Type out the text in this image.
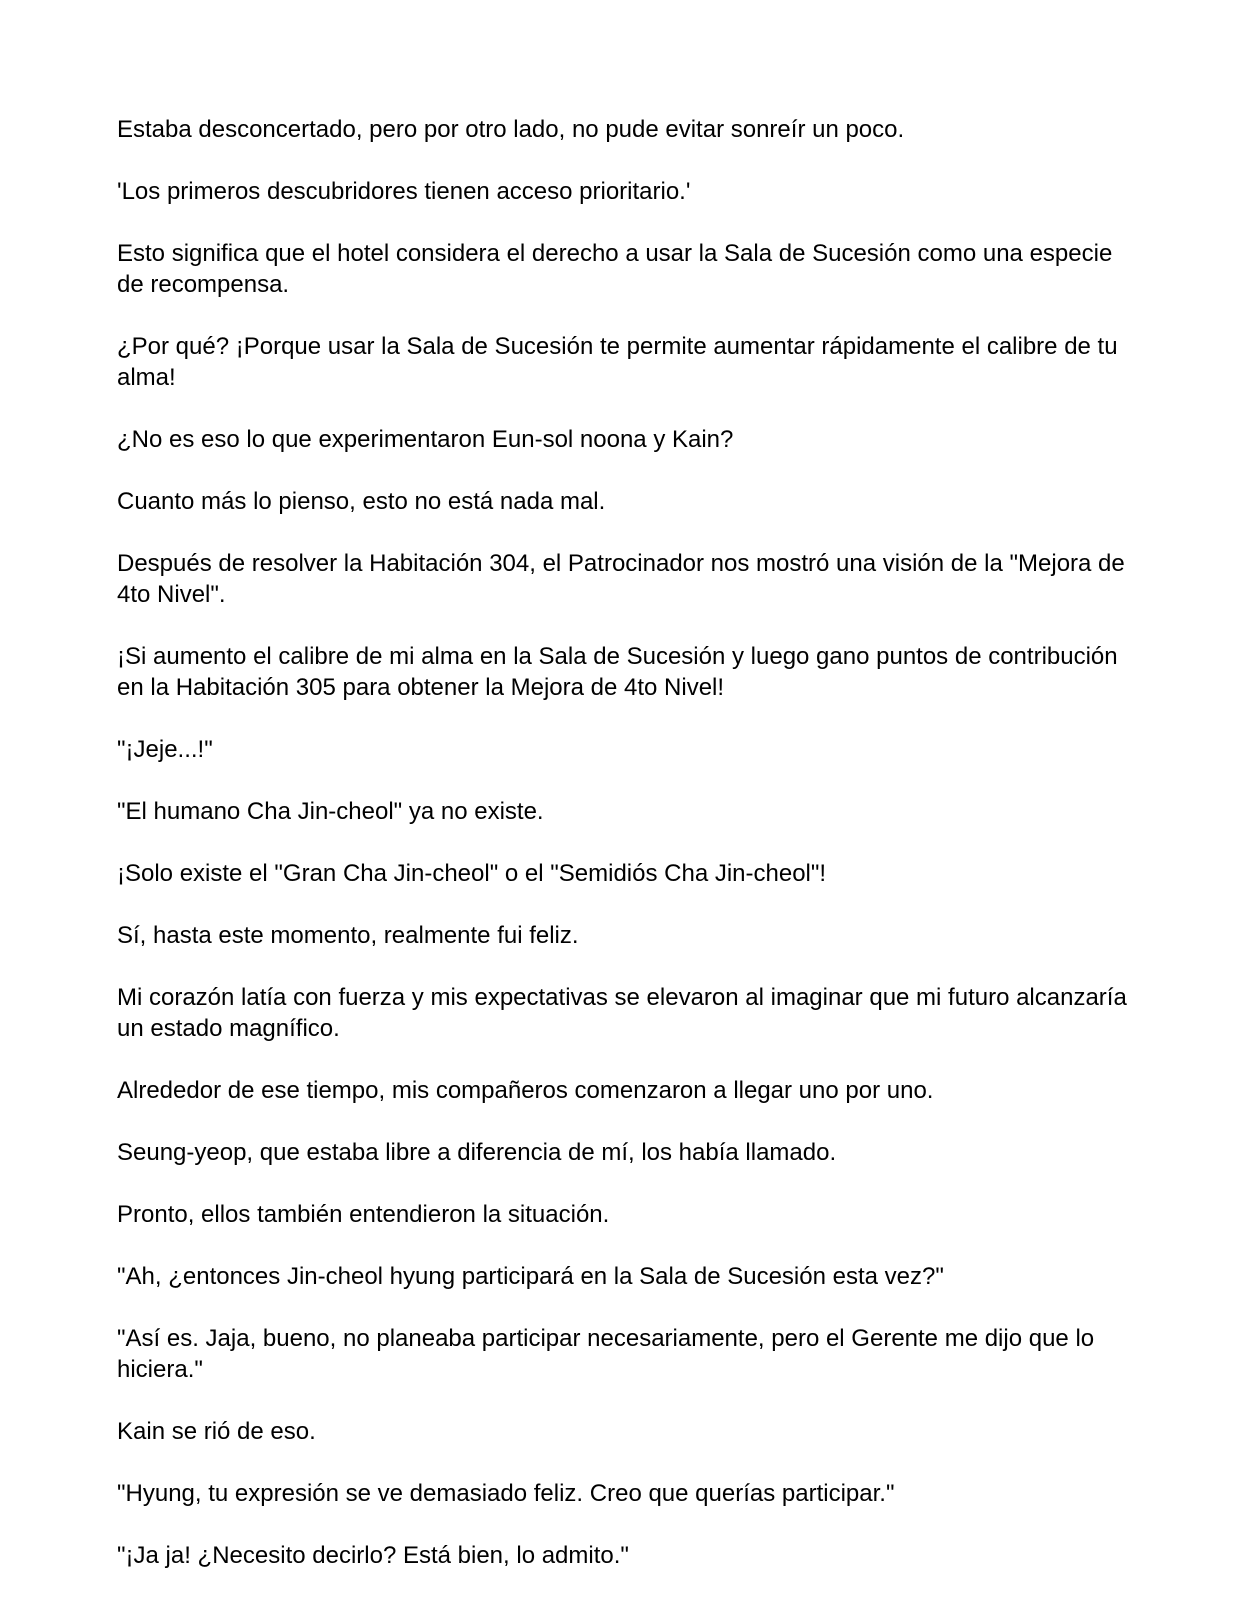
Estaba desconcertado, pero por otro lado, no pude evitar sonreír un poco.

'Los primeros descubridores tienen acceso prioritario.'

Esto significa que el hotel considera el derecho a usar la Sala de Sucesión como una especie de recompensa.

¿Por qué? ¡Porque usar la Sala de Sucesión te permite aumentar rápidamente el calibre de tu alma!

¿No es eso lo que experimentaron Eun-sol noona y Kain?

Cuanto más lo pienso, esto no está nada mal.

Después de resolver la Habitación 304, el Patrocinador nos mostró una visión de la "Mejora de 4to Nivel".

¡Si aumento el calibre de mi alma en la Sala de Sucesión y luego gano puntos de contribución en la Habitación 305 para obtener la Mejora de 4to Nivel!

"¡Jeje...!"

"El humano Cha Jin-cheol" ya no existe.

¡Solo existe el "Gran Cha Jin-cheol" o el "Semidiós Cha Jin-cheol"!

Sí, hasta este momento, realmente fui feliz.

Mi corazón latía con fuerza y mis expectativas se elevaron al imaginar que mi futuro alcanzaría un estado magnífico.

Alrededor de ese tiempo, mis compañeros comenzaron a llegar uno por uno.

Seung-yeop, que estaba libre a diferencia de mí, los había llamado.

Pronto, ellos también entendieron la situación.

"Ah, ¿entonces Jin-cheol hyung participará en la Sala de Sucesión esta vez?"

"Así es. Jaja, bueno, no planeaba participar necesariamente, pero el Gerente me dijo que lo hiciera."

Kain se rió de eso.

"Hyung, tu expresión se ve demasiado feliz. Creo que querías participar."

"¡Ja ja! ¿Necesito decirlo? Está bien, lo admito."
